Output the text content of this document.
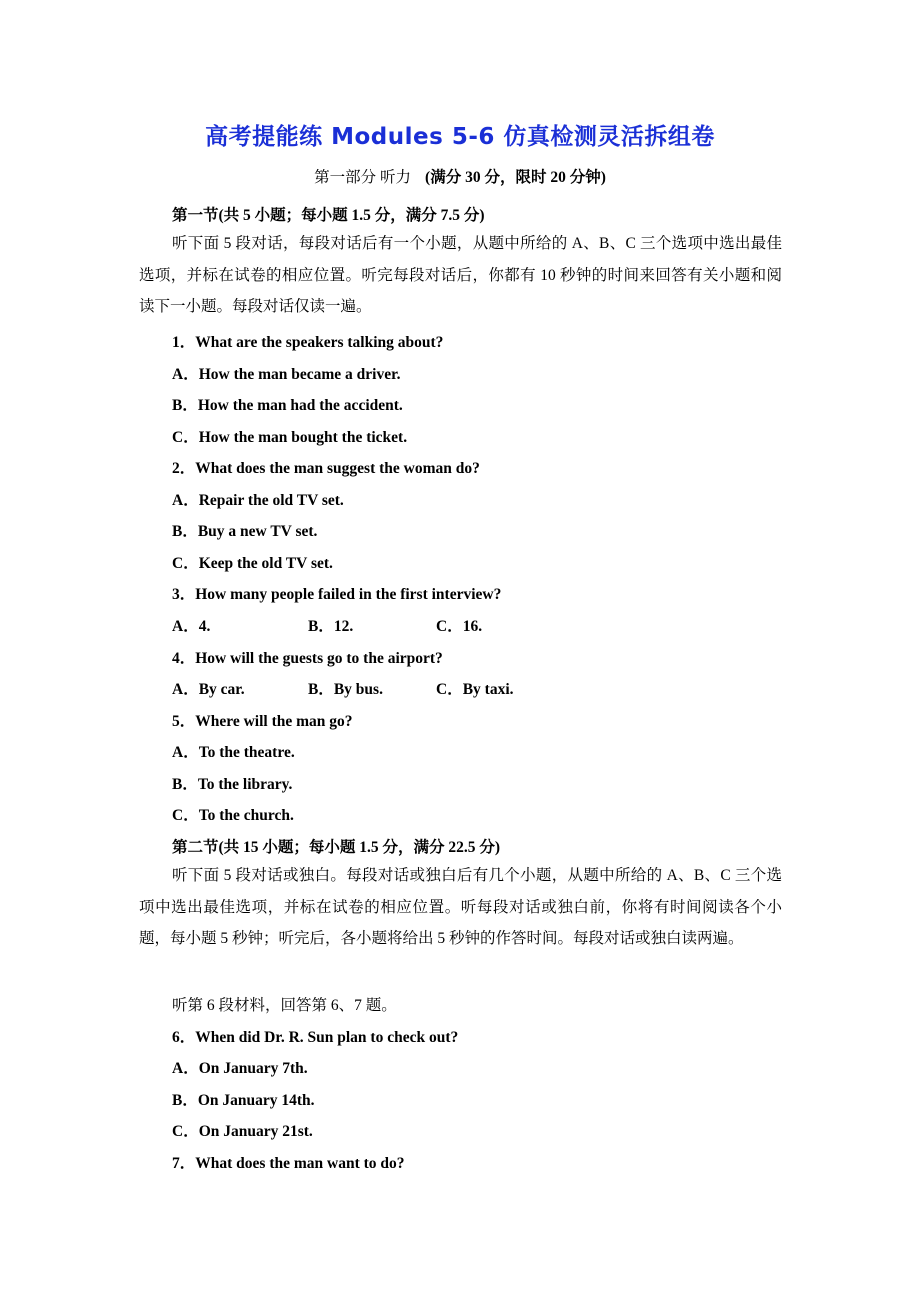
高考提能练 Modules 5-6 仿真检测灵活拆组卷
第一部分 听力 (满分 30 分，限时 20 分钟)
第一节(共 5 小题；每小题 1.5 分，满分 7.5 分)
听下面 5 段对话，每段对话后有一个小题，从题中所给的 A、B、C 三个选项中选出最佳选项，并标在试卷的相应位置。听完每段对话后，你都有 10 秒钟的时间来回答有关小题和阅读下一小题。每段对话仅读一遍。
1．What are the speakers talking about?
A．How the man became a driver.
B．How the man had the accident.
C．How the man bought the ticket.
2．What does the man suggest the woman do?
A．Repair the old TV set.
B．Buy a new TV set.
C．Keep the old TV set.
3．How many people failed in the first interview?
A．4.	B．12.	C．16.
4．How will the guests go to the airport?
A．By car.	B．By bus.	C．By taxi.
5．Where will the man go?
A．To the theatre.
B．To the library.
C．To the church.
第二节(共 15 小题；每小题 1.5 分，满分 22.5 分)
听下面 5 段对话或独白。每段对话或独白后有几个小题，从题中所给的 A、B、C 三个选项中选出最佳选项，并标在试卷的相应位置。听每段对话或独白前，你将有时间阅读各个小题，每小题 5 秒钟；听完后，各小题将给出 5 秒钟的作答时间。每段对话或独白读两遍。
听第 6 段材料，回答第 6、7 题。
6．When did Dr. R. Sun plan to check out?
A．On January 7th.
B．On January 14th.
C．On January 21st.
7．What does the man want to do?
